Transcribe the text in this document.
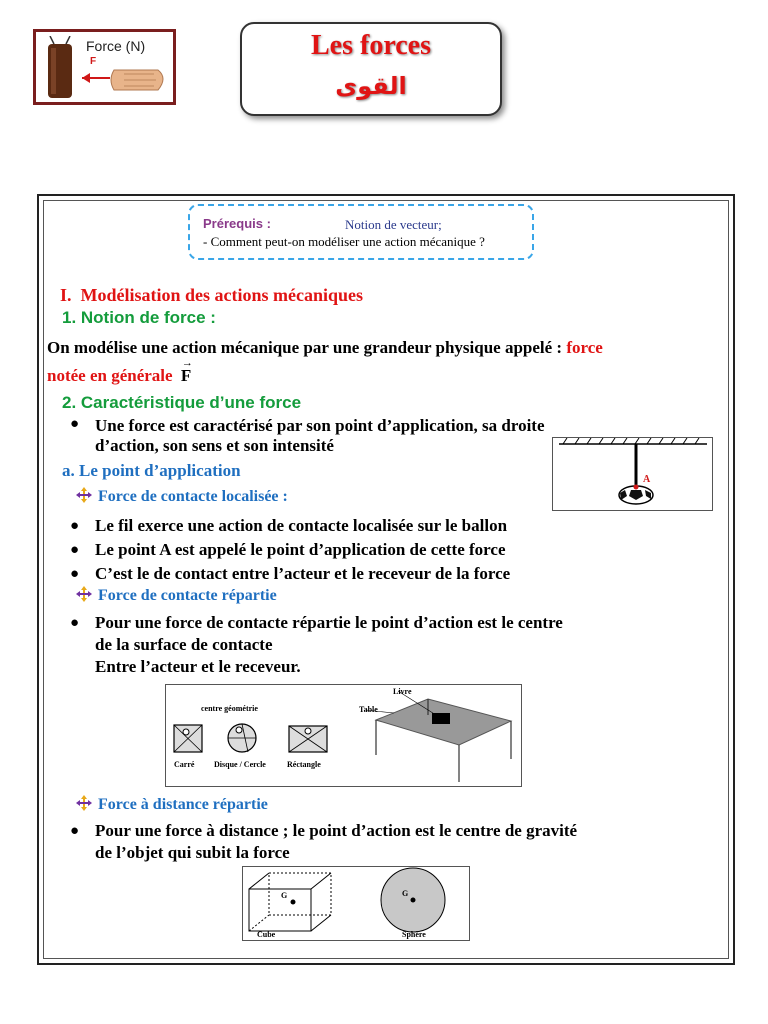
Force (N)
F
Les forces
القوى
Prérequis :	Notion de vecteur;
- Comment peut-on modéliser une action mécanique ?
I. Modélisation des actions mécaniques
1. Notion de force :
On modélise une action mécanique par une grandeur physique appelé : force
notée en générale
→
F
2. Caractéristique d’une force
● Une force est caractérisé par son point d’application, sa droite
d’action, son sens et son intensité
a. Le point d’application	A
Force de contacte localisée :
● Le fil exerce une action de contacte localisée sur le ballon
● Le point A est appelé le point d’application de cette force
● C’est le de contact entre l’acteur et le receveur de la force
Force de contacte répartie
● Pour une force de contacte répartie le point d’action est le centre
de la surface de contacte
Entre l’acteur et le receveur.
centre géométrie
Carré Disque / Cercle	Réctangle
Livre
Table
Force à distance répartie
● Pour une force à distance ; le point d’action est le centre de gravité
de l’objet qui subit la force
G	G
Cube	Sphère
